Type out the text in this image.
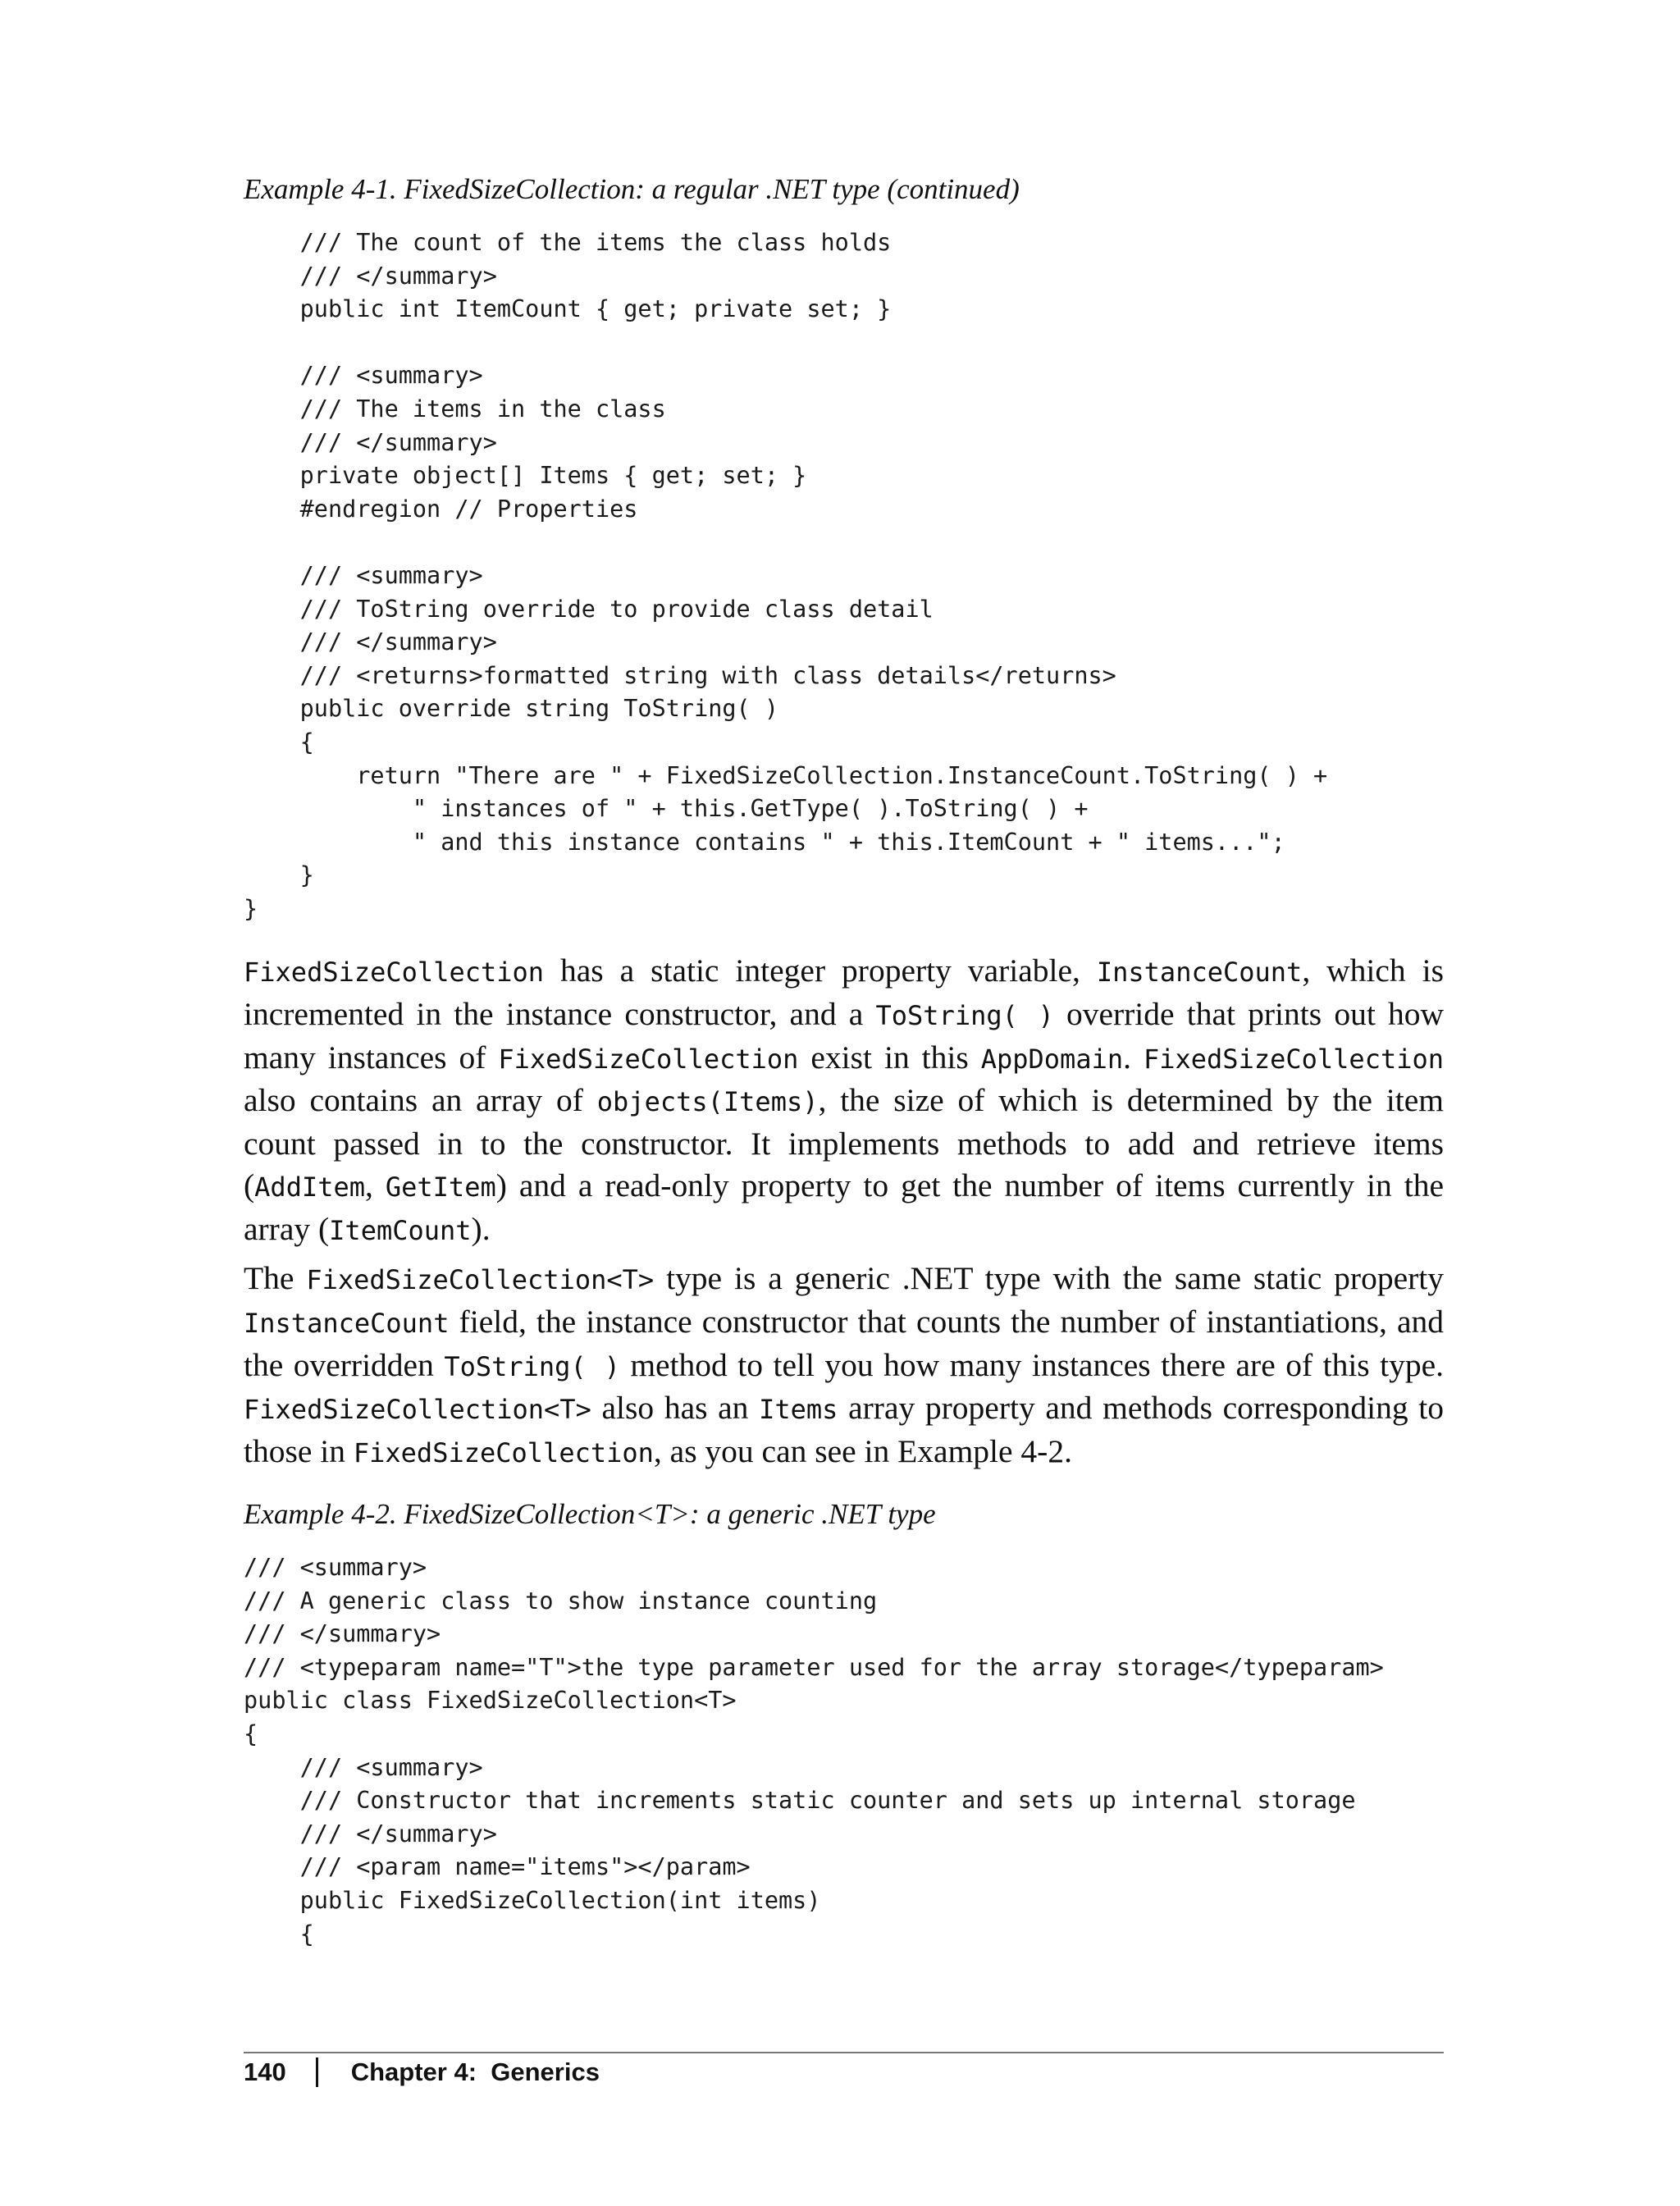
Example 4-1. FixedSizeCollection: a regular .NET type (continued)

/// The count of the items the class holds
/// </summary>
public int ItemCount { get; private set; }
/// <summary>
/// The items in the class
/// </summary>
private object[] Items { get; set; }
#endregion // Properties
/// <summary>
/// ToString override to provide class detail
/// </summary>
/// <returns>formatted string with class details</returns>
public override string ToString( )
{
return "There are " + FixedSizeCollection.InstanceCount.ToString( ) +
" instances of " + this.GetType( ).ToString( ) +
" and this instance contains " + this.ItemCount + " items...";
}
}

FixedSizeCollection has a static integer property variable, InstanceCount, which is incremented in the instance constructor, and a ToString( ) override that prints out how many instances of FixedSizeCollection exist in this AppDomain. FixedSizeCollection also contains an array of objects(Items), the size of which is determined by the item count passed in to the constructor. It implements methods to add and retrieve items (AddItem, GetItem) and a read-only property to get the number of items currently in the array (ItemCount).

The FixedSizeCollection<T> type is a generic .NET type with the same static property InstanceCount field, the instance constructor that counts the number of instantiations, and the overridden ToString( ) method to tell you how many instances there are of this type. FixedSizeCollection<T> also has an Items array property and methods corresponding to those in FixedSizeCollection, as you can see in Example 4-2.

Example 4-2. FixedSizeCollection<T>: a generic .NET type

/// <summary>
/// A generic class to show instance counting
/// </summary>
/// <typeparam name="T">the type parameter used for the array storage</typeparam>
public class FixedSizeCollection<T>
{
/// <summary>
/// Constructor that increments static counter and sets up internal storage
/// </summary>
/// <param name="items"></param>
public FixedSizeCollection(int items)
{
140	Chapter 4:  Generics
